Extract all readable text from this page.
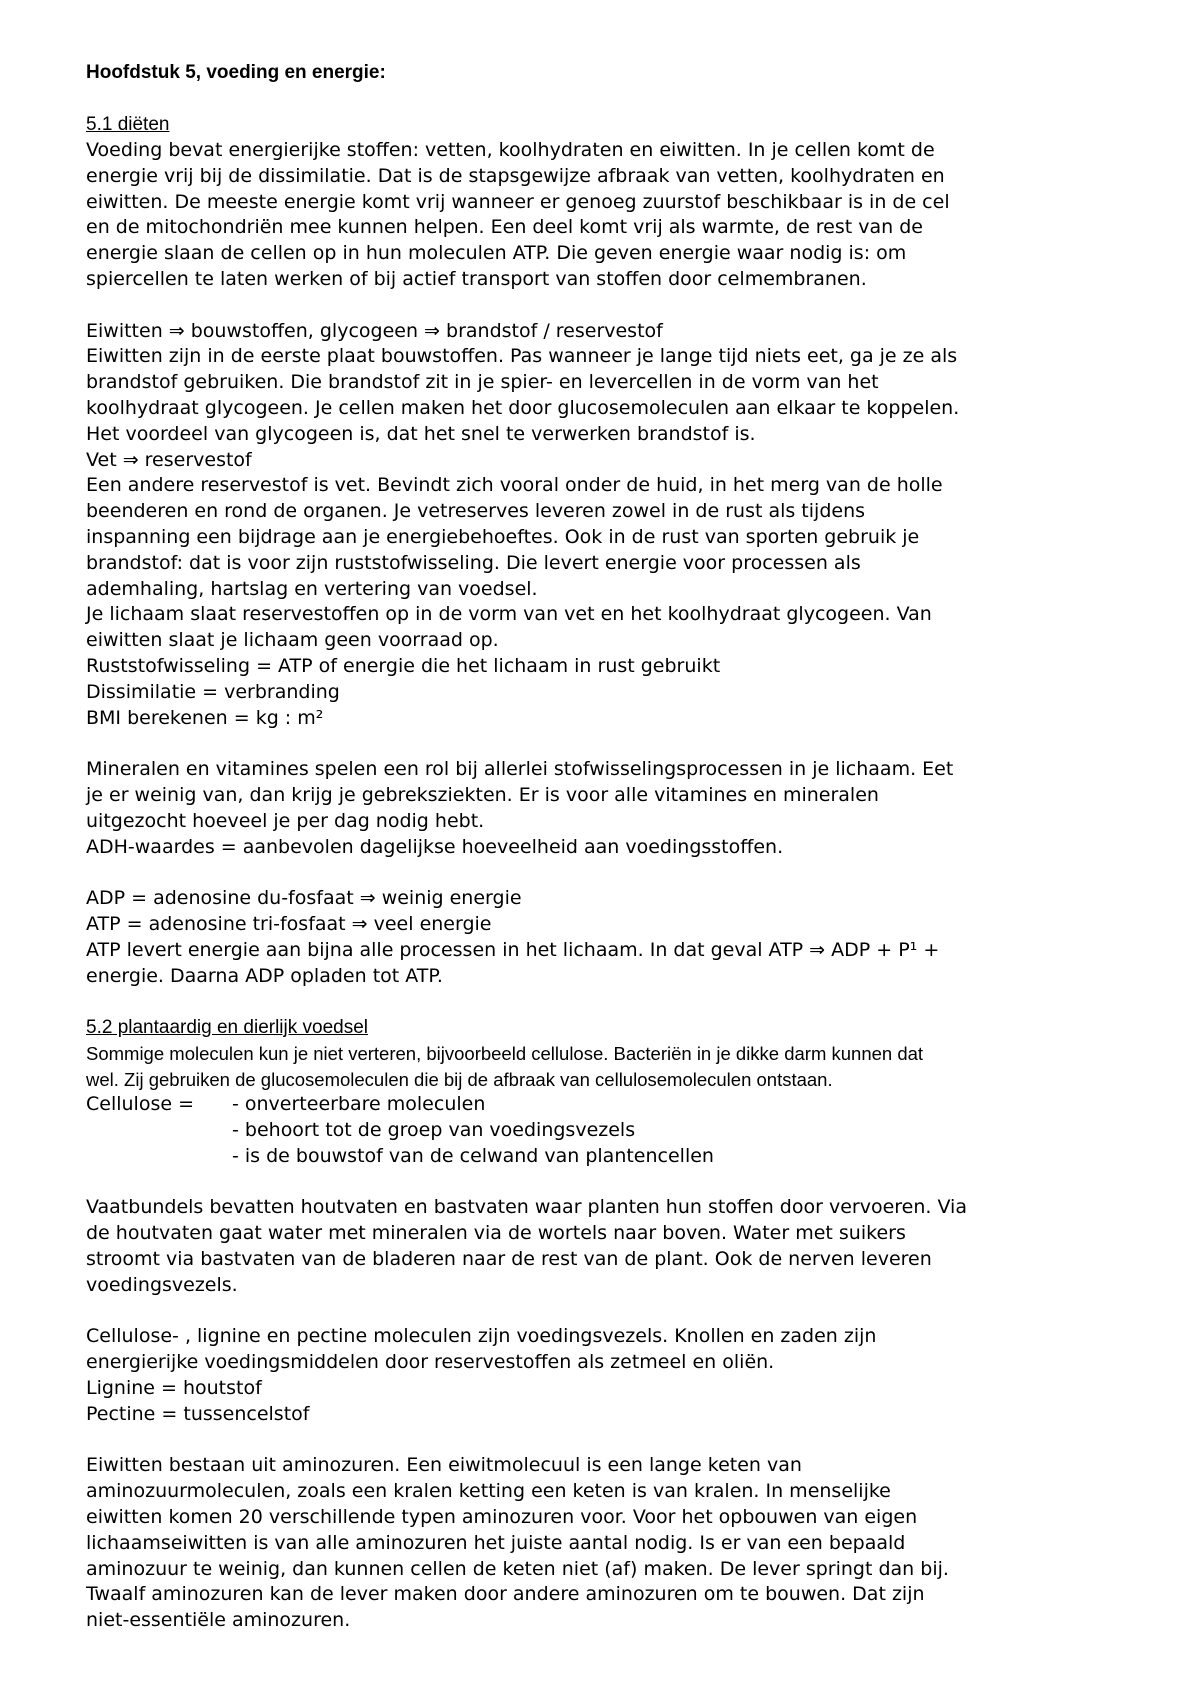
Hoofdstuk 5, voeding en energie:
5.1 diëten
Voeding bevat energierijke stoffen: vetten, koolhydraten en eiwitten. In je cellen komt de
energie vrij bij de dissimilatie. Dat is de stapsgewijze afbraak van vetten, koolhydraten en
eiwitten. De meeste energie komt vrij wanneer er genoeg zuurstof beschikbaar is in de cel
en de mitochondriën mee kunnen helpen. Een deel komt vrij als warmte, de rest van de
energie slaan de cellen op in hun moleculen ATP. Die geven energie waar nodig is: om
spiercellen te laten werken of bij actief transport van stoffen door celmembranen.
Eiwitten ⇒ bouwstoffen, glycogeen ⇒ brandstof / reservestof
Eiwitten zijn in de eerste plaat bouwstoffen. Pas wanneer je lange tijd niets eet, ga je ze als
brandstof gebruiken. Die brandstof zit in je spier- en levercellen in de vorm van het
koolhydraat glycogeen. Je cellen maken het door glucosemoleculen aan elkaar te koppelen.
Het voordeel van glycogeen is, dat het snel te verwerken brandstof is.
Vet ⇒ reservestof
Een andere reservestof is vet. Bevindt zich vooral onder de huid, in het merg van de holle
beenderen en rond de organen. Je vetreserves leveren zowel in de rust als tijdens
inspanning een bijdrage aan je energiebehoeftes. Ook in de rust van sporten gebruik je
brandstof: dat is voor zijn ruststofwisseling. Die levert energie voor processen als
ademhaling, hartslag en vertering van voedsel.
Je lichaam slaat reservestoffen op in de vorm van vet en het koolhydraat glycogeen. Van
eiwitten slaat je lichaam geen voorraad op.
Ruststofwisseling = ATP of energie die het lichaam in rust gebruikt
Dissimilatie = verbranding
BMI berekenen = kg : m²
Mineralen en vitamines spelen een rol bij allerlei stofwisselingsprocessen in je lichaam. Eet
je er weinig van, dan krijg je gebreksziekten. Er is voor alle vitamines en mineralen
uitgezocht hoeveel je per dag nodig hebt.
ADH-waardes = aanbevolen dagelijkse hoeveelheid aan voedingsstoffen.
ADP = adenosine du-fosfaat ⇒ weinig energie
ATP = adenosine tri-fosfaat ⇒ veel energie
ATP levert energie aan bijna alle processen in het lichaam. In dat geval ATP ⇒ ADP + P¹ +
energie. Daarna ADP opladen tot ATP.
5.2 plantaardig en dierlijk voedsel
Sommige moleculen kun je niet verteren, bijvoorbeeld cellulose. Bacteriën in je dikke darm kunnen dat
wel. Zij gebruiken de glucosemoleculen die bij de afbraak van cellulosemoleculen ontstaan.
Cellulose =	- onverteerbare moleculen
- behoort tot de groep van voedingsvezels
- is de bouwstof van de celwand van plantencellen
Vaatbundels bevatten houtvaten en bastvaten waar planten hun stoffen door vervoeren. Via
de houtvaten gaat water met mineralen via de wortels naar boven. Water met suikers
stroomt via bastvaten van de bladeren naar de rest van de plant. Ook de nerven leveren
voedingsvezels.
Cellulose- , lignine en pectine moleculen zijn voedingsvezels. Knollen en zaden zijn
energierijke voedingsmiddelen door reservestoffen als zetmeel en oliën.
Lignine = houtstof
Pectine = tussencelstof
Eiwitten bestaan uit aminozuren. Een eiwitmolecuul is een lange keten van
aminozuurmoleculen, zoals een kralen ketting een keten is van kralen. In menselijke
eiwitten komen 20 verschillende typen aminozuren voor. Voor het opbouwen van eigen
lichaamseiwitten is van alle aminozuren het juiste aantal nodig. Is er van een bepaald
aminozuur te weinig, dan kunnen cellen de keten niet (af) maken. De lever springt dan bij.
Twaalf aminozuren kan de lever maken door andere aminozuren om te bouwen. Dat zijn
niet-essentiële aminozuren.
